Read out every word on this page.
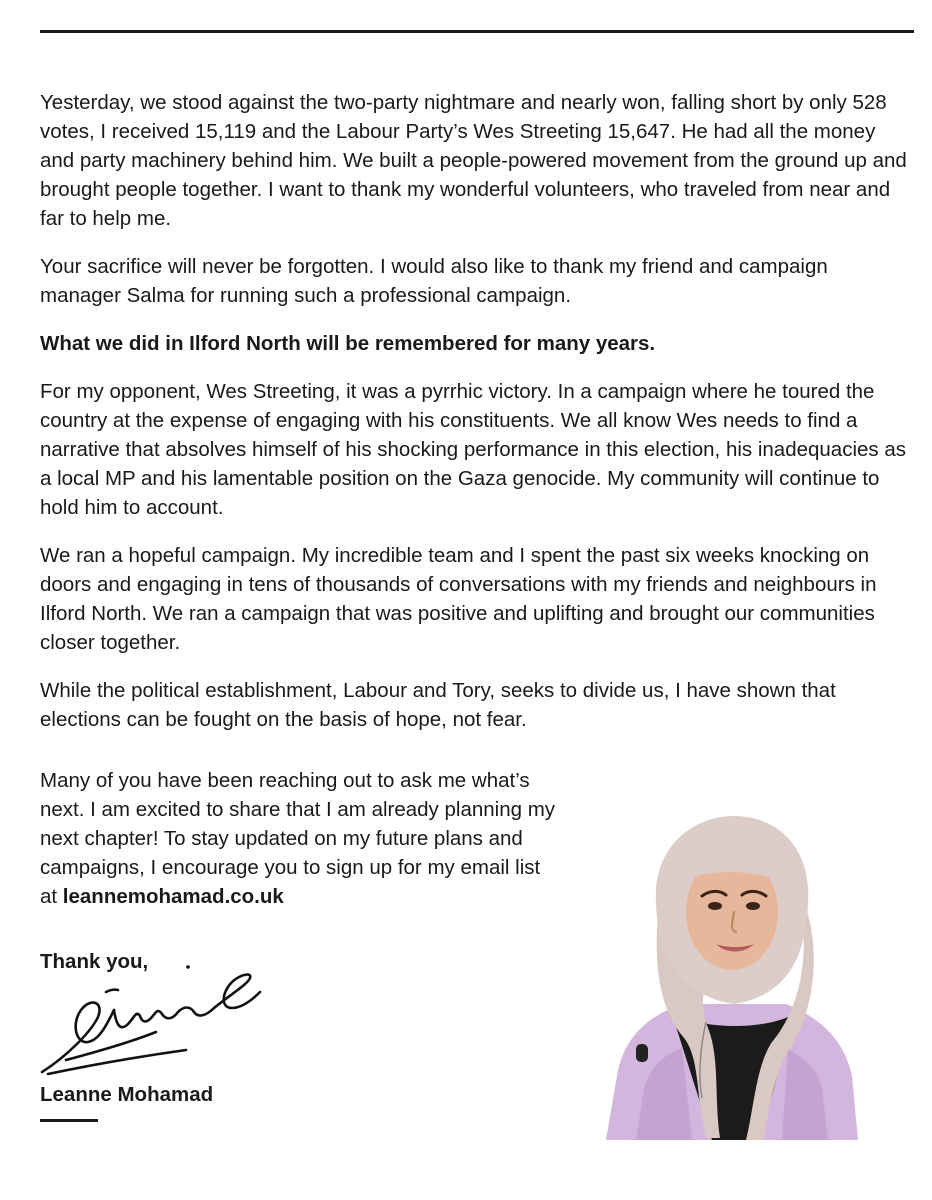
Yesterday, we stood against the two-party nightmare and nearly won, falling short by only 528 votes, I received 15,119 and the Labour Party’s Wes Streeting 15,647. He had all the money and party machinery behind him. We built a people-powered movement from the ground up and brought people together. I want to thank my wonderful volunteers, who traveled from near and far to help me.

Your sacrifice will never be forgotten. I would also like to thank my friend and campaign manager Salma for running such a professional campaign.

What we did in Ilford North will be remembered for many years.

For my opponent, Wes Streeting, it was a pyrrhic victory. In a campaign where he toured the country at the expense of engaging with his constituents. We all know Wes needs to find a narrative that absolves himself of his shocking performance in this election, his inadequacies as a local MP and his lamentable position on the Gaza genocide. My community will continue to hold him to account.

We ran a hopeful campaign. My incredible team and I spent the past six weeks knocking on doors and engaging in tens of thousands of conversations with my friends and neighbours in Ilford North. We ran a campaign that was positive and uplifting and brought our communities closer together.

While the political establishment, Labour and Tory, seeks to divide us, I have shown that elections can be fought on the basis of hope, not fear.

Many of you have been reaching out to ask me what’s next. I am excited to share that I am already planning my next chapter! To stay updated on my future plans and campaigns, I encourage you to sign up for my email list at leannemohamad.co.uk

Thank you,

Leanne Mohamad
